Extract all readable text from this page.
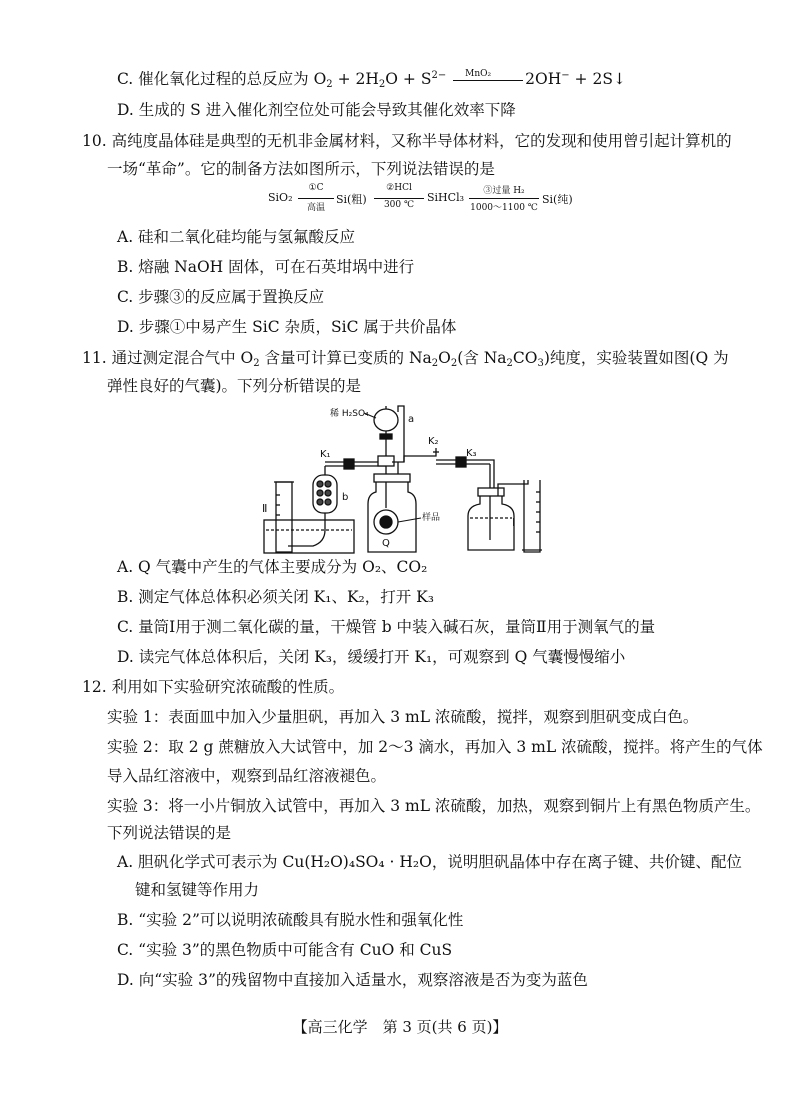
C. 催化氧化过程的总反应为 $O_2 + 2H_2O + S^{2-}$ MnO₂ 2OH− + 2S↓
D. 生成的 S 进入催化剂空位处可能会导致其催化效率下降
10. 高纯度晶体硅是典型的无机非金属材料，又称半导体材料，它的发现和使用曾引起计算机的
一场“革命”。它的制备方法如图所示，下列说法错误的是
SiO₂
①C
高温
Si(粗)
②HCl
300 ℃
SiHCl₃	③过量 H₂
1000～1100 ℃
Si(纯)
A. 硅和二氧化硅均能与氢氟酸反应
B. 熔融 NaOH 固体，可在石英坩埚中进行
C. 步骤③的反应属于置换反应
D. 步骤①中易产生 SiC 杂质，SiC 属于共价晶体
11. 通过测定混合气中 $O_2$ 含量可计算已变质的 $Na_2O_2$(含 $Na_2CO_3$)纯度，实验装置如图(Q 为
弹性良好的气囊)。下列分析错误的是
Ⅱ
b
K₁
稀 H₂SO₄	a
Q
样品
K₂
K₃
Ⅰ
A. Q 气囊中产生的气体主要成分为 O₂、CO₂
B. 测定气体总体积必须关闭 K₁、K₂，打开 K₃
C. 量筒Ⅰ用于测二氧化碳的量，干燥管 b 中装入碱石灰，量筒Ⅱ用于测氧气的量
D. 读完气体总体积后，关闭 K₃，缓缓打开 K₁，可观察到 Q 气囊慢慢缩小
12. 利用如下实验研究浓硫酸的性质。
实验 1：表面皿中加入少量胆矾，再加入 3 mL 浓硫酸，搅拌，观察到胆矾变成白色。
实验 2：取 2 g 蔗糖放入大试管中，加 2～3 滴水，再加入 3 mL 浓硫酸，搅拌。将产生的气体
导入品红溶液中，观察到品红溶液褪色。
实验 3：将一小片铜放入试管中，再加入 3 mL 浓硫酸，加热，观察到铜片上有黑色物质产生。
下列说法错误的是
A. 胆矾化学式可表示为 Cu(H₂O)₄SO₄ · H₂O，说明胆矾晶体中存在离子键、共价键、配位
键和氢键等作用力
B. “实验 2”可以说明浓硫酸具有脱水性和强氧化性
C. “实验 3”的黑色物质中可能含有 CuO 和 CuS
D. 向“实验 3”的残留物中直接加入适量水，观察溶液是否为变为蓝色
【高三化学　第 3 页(共 6 页)】
